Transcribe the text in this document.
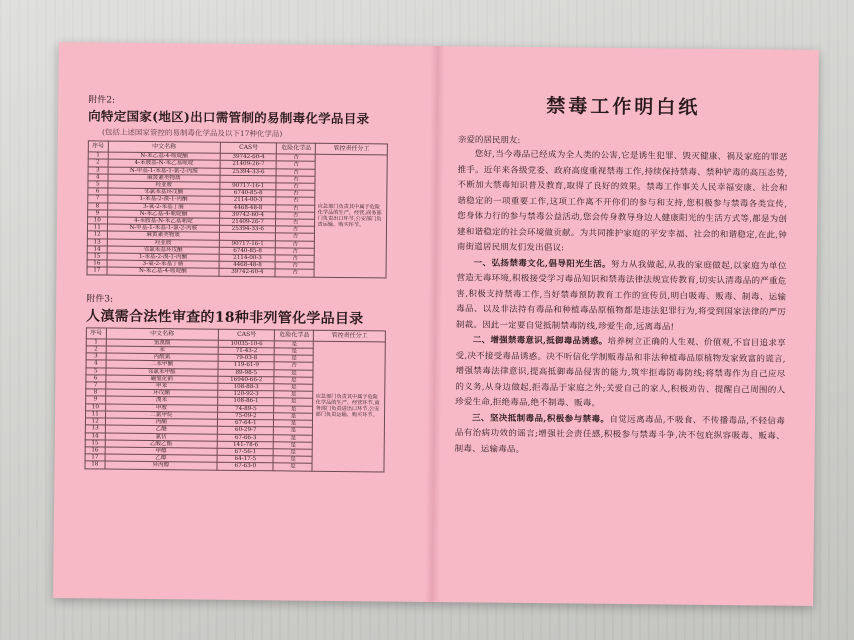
附件2:

向特定国家(地区)出口需管制的易制毒化学品目录

(包括上述国家管控的易制毒化学品及以下17种化学品)

序号	中文名称	CAS号	危险化学品	管控责任分工
1	N-苯乙基-4-哌啶酮	39742-60-4	否	应急部门负责其中属于危险化学品的生产、经营,商务部门负责出口环节,公安部门负责运输、购买环节。
2	4-苯胺基-N-苯乙基哌啶	21409-26-7	否	
3	N-甲基-1-苯基-1-氯-2-丙胺	25394-33-6	否	
4	麻黄素类物质		否	
5	羟亚胺	90717-16-1	否	
6	邻氯苯基环戊酮	6740-85-8	否	
7	1-苯基-2-溴-1-丙酮	2114-00-3	否	
8	3-氧-2-苯基丁腈	4468-48-8	否	
9	N-苯乙基-4-哌啶酮	39742-60-4	否	
10	4-苯胺基-N-苯乙基哌啶	21409-26-7	否	
11	N-甲基-1-苯基-1-氯-2-丙胺	25394-33-6	否	
12	麻黄素类物质		否	
13	羟亚胺	90717-16-1	否	
14	邻氯苯基环戊酮	6740-85-8	否	
15	1-苯基-2-溴-1-丙酮	2114-00-3	否	
16	3-氧-2-苯基丁腈	4468-48-8	否	
17	N-苯乙基-4-哌啶酮	39742-60-4	否	

附件3:

人滇需合法性审查的18种非列管化学品目录

序号	中文名称	CAS号	危险化学品	管控责任分工
1	氢溴酸	10035-10-6	是	应急部门负责其中属于危险化学品的生产、经营环节,商务部门负责进出口环节,公安部门负责运输、购买环节。
2	苯	71-43-2	是	
3	丙酰氯	79-03-8	是	
4	二苯甲酮	119-61-9	否	
5	邻氯苯甲醛	89-98-5	是	
6	硼氢化钠	16940-66-2	是	
7	甲苯	108-88-3	是	
8	环戊酮	120-92-3	是	
9	溴苯	108-86-1	是	
10	甲胺	74-89-5	是	
11	二氯甲烷	75-09-2	是	
12	丙酮	67-64-1	是	
13	乙醚	60-29-7	是	
14	氯仿	67-66-3	是	
15	乙酸乙酯	141-78-6	是	
16	甲醇	67-56-1	是	
17	乙醇	64-17-5	是	
18	异丙醇	67-63-0	是	
禁毒工作明白纸

亲爱的居民朋友:

您好,当今毒品已经成为全人类的公害,它是诱生犯罪、毁灭健康、祸及家庭的罪恶推手。近年来各级党委、政府高度重视禁毒工作,持续保持禁毒、禁种铲毒的高压态势,不断加大禁毒知识普及教育,取得了良好的效果。禁毒工作事关人民幸福安康、社会和谐稳定的一项重要工作,这项工作离不开你们的参与和支持,您积极参与禁毒各类宣传,您身体力行的参与禁毒公益活动,您会传身教导身边人健康阳光的生活方式等,都是为创建和谐稳定的社会环境做贡献。为共同推护家庭的平安幸福、社会的和谐稳定,在此,钟南街道居民朋友们发出倡议:

一、弘扬禁毒文化,倡导阳光生活。努力从我做起,从我的家庭做起,以家庭为单位营造无毒环境,积极接受学习毒品知识和禁毒法律法规宣传教育,切实认清毒品的严重危害,积极支持禁毒工作,当好禁毒预防教育工作的宣传员,明白吸毒、贩毒、制毒、运输毒品、以及非法持有毒品和种植毒品原植物都是违法犯罪行为,将受到国家法律的严厉制裁。因此一定要自觉抵制禁毒防线,珍爱生命,远离毒品!

二、增强禁毒意识,抵御毒品诱惑。培养树立正确的人生观、价值观,不盲目追求享受,决不接受毒品诱惑。决不听信化学制贩毒品和非法种植毒品原植物发家致富的谎言,增强禁毒法律意识,提高抵御毒品侵害的能力,筑牢拒毒防毒防线;将禁毒作为自己应尽的义务,从身边做起,拒毒品于家庭之外;关爱自己的家人,积极劝告、提醒自己周围的人珍爱生命,拒绝毒品,绝不制毒、贩毒。

三、坚决抵制毒品,积极参与禁毒。自觉远离毒品,不吸食、不传播毒品,不轻信毒品有治病功效的谣言;增强社会责任感,积极参与禁毒斗争,决不包庇纵容吸毒、贩毒、制毒、运输毒品。
